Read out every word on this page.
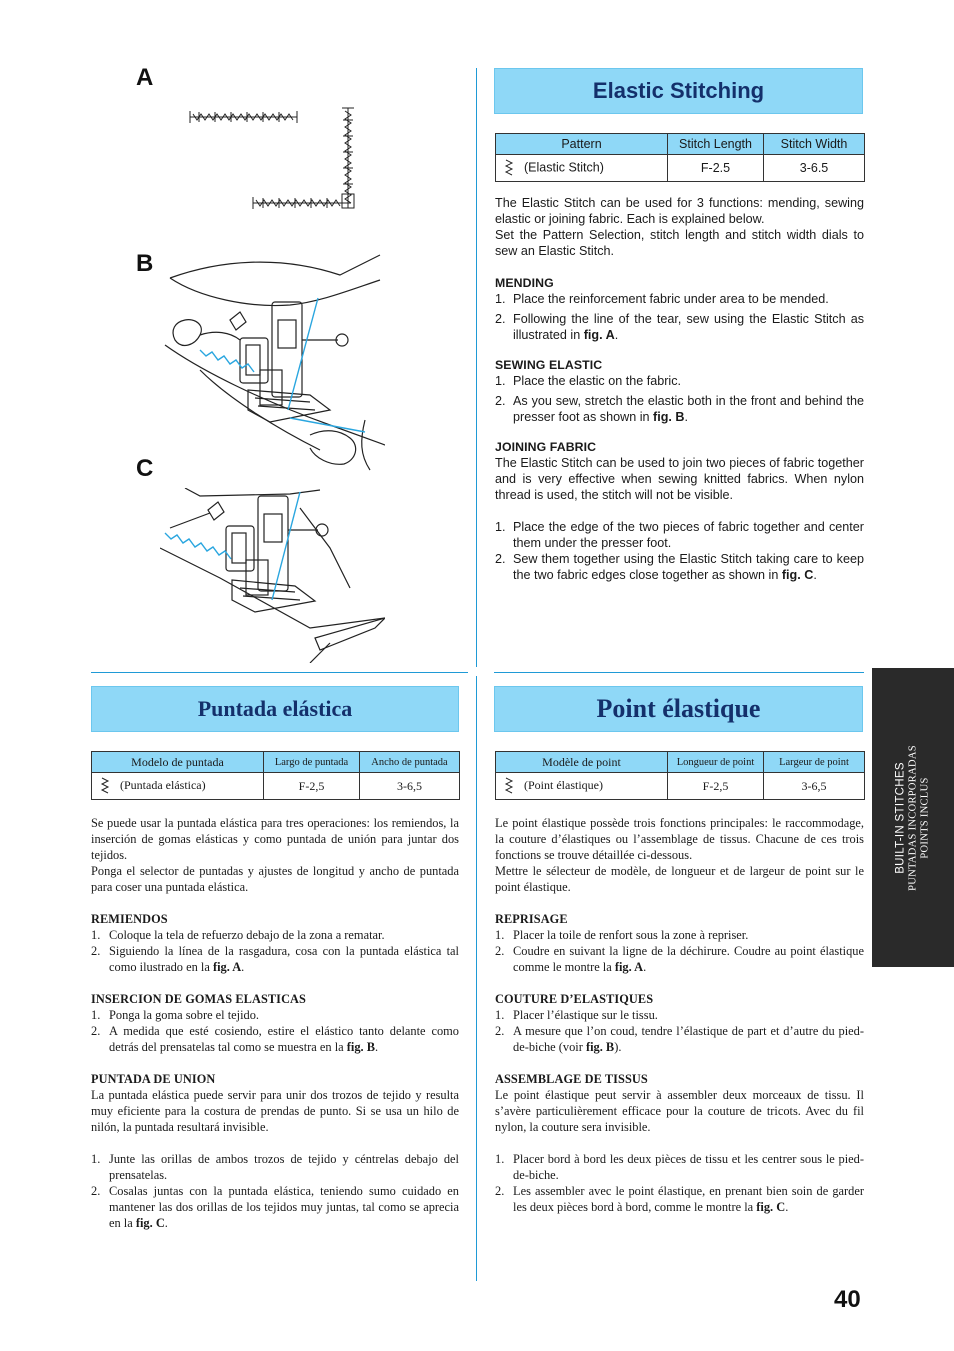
A
B
C
Elastic Stitching
Pattern	Stitch Length	Stitch Width
(Elastic Stitch)	F-2.5	3-6.5

The Elastic Stitch can be used for 3 functions: mending, sewing elastic or joining fabric. Each is explained below.

Set the Pattern Selection, stitch length and stitch width dials to sew an Elastic Stitch.

MENDING
1. Place the reinforcement fabric under area to be mended.
2. Following the line of the tear, sew using the Elastic Stitch as illustrated in fig. A.
SEWING ELASTIC
1. Place the elastic on the fabric.
2. As you sew, stretch the elastic both in the front and behind the presser foot as shown in fig. B.
JOINING FABRIC

The Elastic Stitch can be used to join two pieces of fabric together and is very effective when sewing knitted fabrics. When nylon thread is used, the stitch will not be visible.

1. Place the edge of the two pieces of fabric together and center them under the presser foot.
2. Sew them together using the Elastic Stitch taking care to keep the two fabric edges close together as shown in fig. C.
Puntada elástica
Modelo de puntada	Largo de puntada	Ancho de puntada
(Puntada elástica)	F-2,5	3-6,5

Se puede usar la puntada elástica para tres operaciones: los remiendos, la inserción de gomas elásticas y como puntada de unión para juntar dos tejidos.

Ponga el selector de puntadas y ajustes de longitud y ancho de puntada para coser una puntada elástica.

REMIENDOS
1. Coloque la tela de refuerzo debajo de la zona a rematar.
2. Siguiendo la línea de la rasgadura, cosa con la puntada elástica tal como ilustrado en la fig. A.
INSERCION DE GOMAS ELASTICAS
1. Ponga la goma sobre el tejido.
2. A medida que esté cosiendo, estire el elástico tanto delante como detrás del prensatelas tal como se muestra en la fig. B.
PUNTADA DE UNION

La puntada elástica puede servir para unir dos trozos de tejido y resulta muy eficiente para la costura de prendas de punto. Si se usa un hilo de nilón, la puntada resultará invisible.

1. Junte las orillas de ambos trozos de tejido y céntrelas debajo del prensatelas.
2. Cosalas juntas con la puntada elástica, teniendo sumo cuidado en mantener las dos orillas de los tejidos muy juntas, tal como se aprecia en la fig. C.
Point élastique
Modèle de point	Longueur de point	Largeur de point
(Point élastique)	F-2,5	3-6,5

Le point élastique possède trois fonctions principales: le raccommodage, la couture d’élastiques ou l’assemblage de tissus. Chacune de ces trois fonctions se trouve détaillée ci-dessous.

Mettre le sélecteur de modèle, de longueur et de largeur de point sur le point élastique.

REPRISAGE
1. Placer la toile de renfort sous la zone à repriser.
2. Coudre en suivant la ligne de la déchirure. Coudre au point élastique comme le montre la fig. A.
COUTURE D’ELASTIQUES
1. Placer l’élastique sur le tissu.
2. A mesure que l’on coud, tendre l’élastique de part et d’autre du pied-de-biche (voir fig. B).
ASSEMBLAGE DE TISSUS

Le point élastique peut servir à assembler deux morceaux de tissu. Il s’avère particulièrement efficace pour la couture de tricots. Avec du fil nylon, la couture sera invisible.

1. Placer bord à bord les deux pièces de tissu et les centrer sous le pied-de-biche.
2. Les assembler avec le point élastique, en prenant bien soin de garder les deux pièces bord à bord, comme le montre la fig. C.
BUILT-IN STITCHES PUNTADAS INCORPORADAS POINTS INCLUS
40
